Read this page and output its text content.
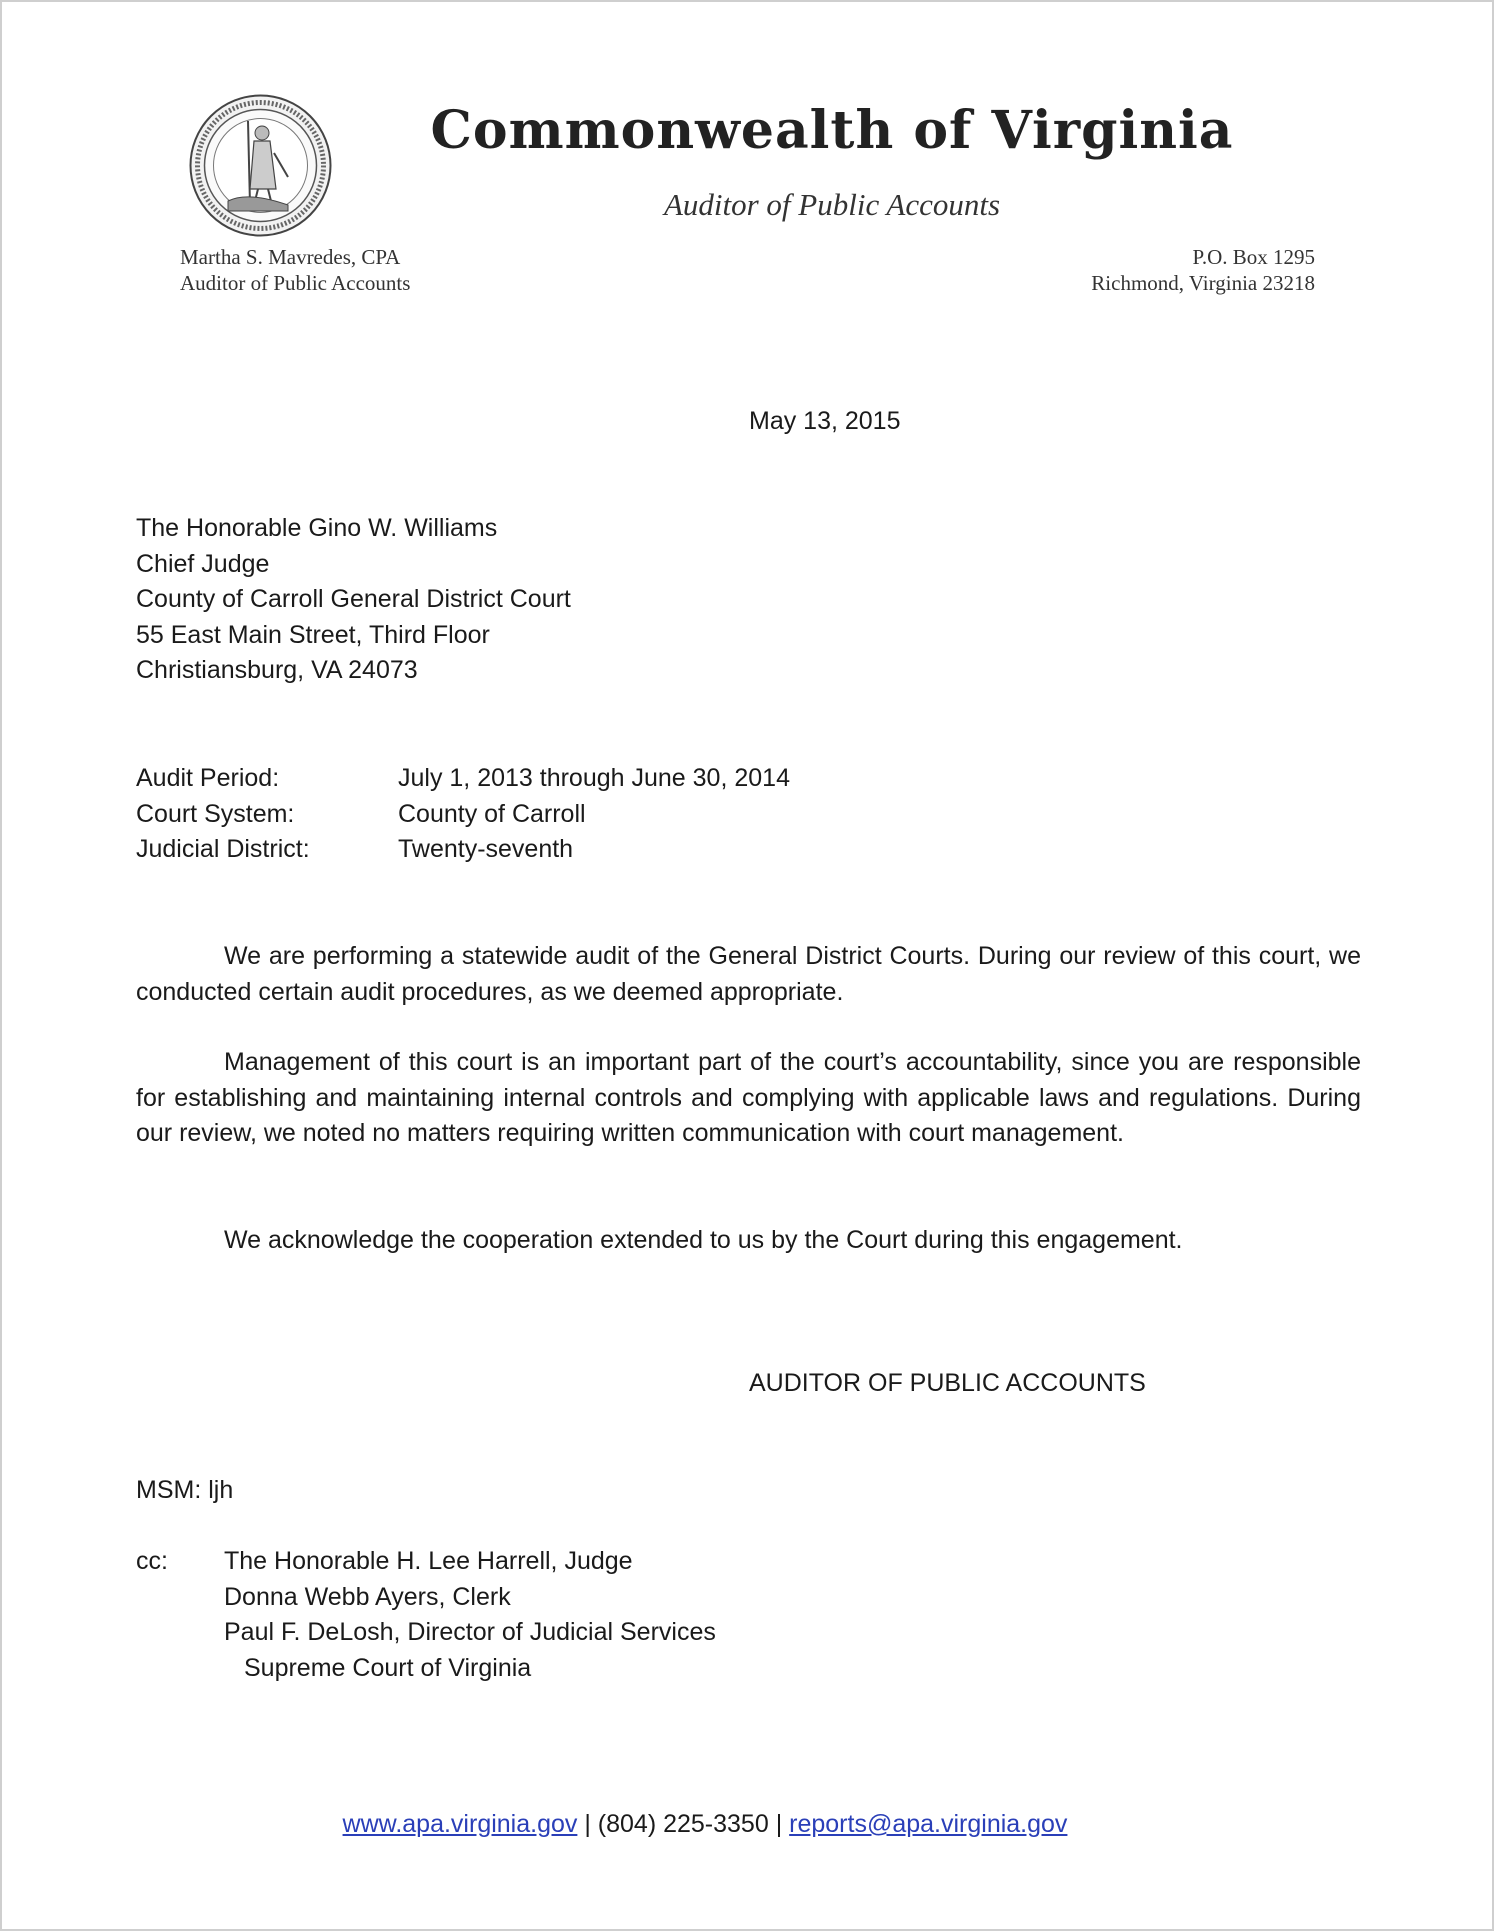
Commonwealth of Virginia
Auditor of Public Accounts
Martha S. Mavredes, CPA
Auditor of Public Accounts
P.O. Box 1295
Richmond, Virginia 23218
May 13, 2015
The Honorable Gino W. Williams
Chief Judge
County of Carroll General District Court
55 East Main Street, Third Floor
Christiansburg, VA 24073
Audit Period:	July 1, 2013 through June 30, 2014
Court System:	County of Carroll
Judicial District:	Twenty-seventh

We are performing a statewide audit of the General District Courts. During our review of this court, we conducted certain audit procedures, as we deemed appropriate.

Management of this court is an important part of the court’s accountability, since you are responsible for establishing and maintaining internal controls and complying with applicable laws and regulations. During our review, we noted no matters requiring written communication with court management.

We acknowledge the cooperation extended to us by the Court during this engagement.

AUDITOR OF PUBLIC ACCOUNTS
MSM: ljh
cc: The Honorable H. Lee Harrell, Judge
Donna Webb Ayers, Clerk
Paul F. DeLosh, Director of Judicial Services
Supreme Court of Virginia
www.apa.virginia.gov | (804) 225-3350 | reports@apa.virginia.gov
